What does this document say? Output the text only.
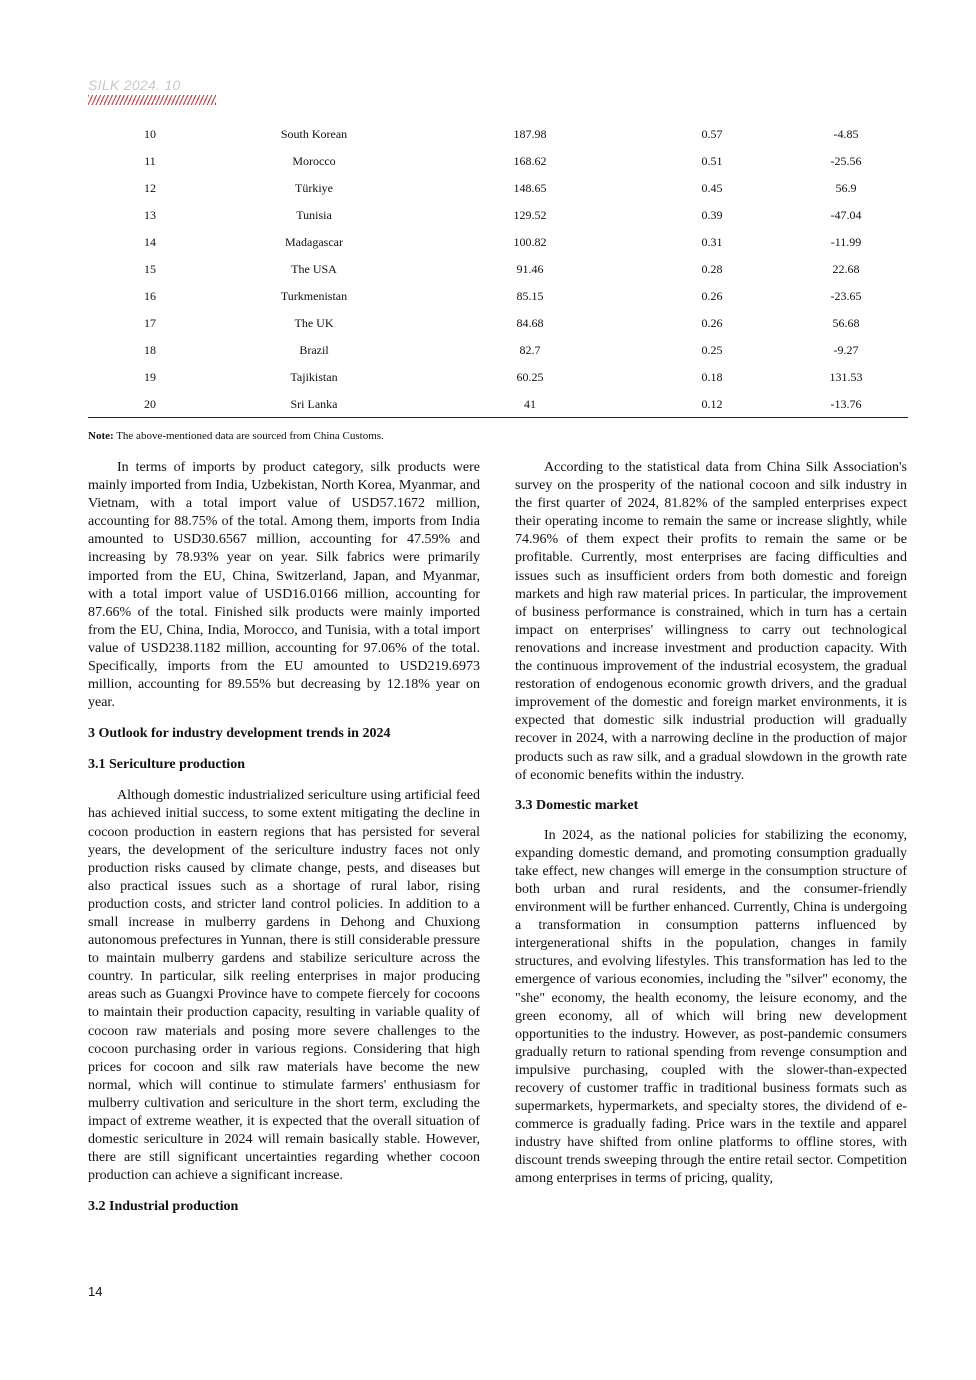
SILK 2024. 10
10	South Korean	187.98	0.57	-4.85
11	Morocco	168.62	0.51	-25.56
12	Türkiye	148.65	0.45	56.9
13	Tunisia	129.52	0.39	-47.04
14	Madagascar	100.82	0.31	-11.99
15	The USA	91.46	0.28	22.68
16	Turkmenistan	85.15	0.26	-23.65
17	The UK	84.68	0.26	56.68
18	Brazil	82.7	0.25	-9.27
19	Tajikistan	60.25	0.18	131.53
20	Sri Lanka	41	0.12	-13.76
Note: The above-mentioned data are sourced from China Customs.

In terms of imports by product category, silk products were mainly imported from India, Uzbekistan, North Korea, Myanmar, and Vietnam, with a total import value of USD57.1672 million, accounting for 88.75% of the total. Among them, imports from India amounted to USD30.6567 million, accounting for 47.59% and increasing by 78.93% year on year. Silk fabrics were primarily imported from the EU, China, Switzerland, Japan, and Myanmar, with a total import value of USD16.0166 million, accounting for 87.66% of the total. Finished silk products were mainly imported from the EU, China, India, Morocco, and Tunisia, with a total import value of USD238.1182 million, accounting for 97.06% of the total. Specifically, imports from the EU amounted to USD219.6973 million, accounting for 89.55% but decreasing by 12.18% year on year.

3 Outlook for industry development trends in 2024
3.1 Sericulture production

Although domestic industrialized sericulture using artificial feed has achieved initial success, to some extent mitigating the decline in cocoon production in eastern regions that has persisted for several years, the development of the sericulture industry faces not only production risks caused by climate change, pests, and diseases but also practical issues such as a shortage of rural labor, rising production costs, and stricter land control policies. In addition to a small increase in mulberry gardens in Dehong and Chuxiong autonomous prefectures in Yunnan, there is still considerable pressure to maintain mulberry gardens and stabilize sericulture across the country. In particular, silk reeling enterprises in major producing areas such as Guangxi Province have to compete fiercely for cocoons to maintain their production capacity, resulting in variable quality of cocoon raw materials and posing more severe challenges to the cocoon purchasing order in various regions. Considering that high prices for cocoon and silk raw materials have become the new normal, which will continue to stimulate farmers' enthusiasm for mulberry cultivation and sericulture in the short term, excluding the impact of extreme weather, it is expected that the overall situation of domestic sericulture in 2024 will remain basically stable. However, there are still significant uncertainties regarding whether cocoon production can achieve a significant increase.

3.2 Industrial production

According to the statistical data from China Silk Association's survey on the prosperity of the national cocoon and silk industry in the first quarter of 2024, 81.82% of the sampled enterprises expect their operating income to remain the same or increase slightly, while 74.96% of them expect their profits to remain the same or be profitable. Currently, most enterprises are facing difficulties and issues such as insufficient orders from both domestic and foreign markets and high raw material prices. In particular, the improvement of business performance is constrained, which in turn has a certain impact on enterprises' willingness to carry out technological renovations and increase investment and production capacity. With the continuous improvement of the industrial ecosystem, the gradual restoration of endogenous economic growth drivers, and the gradual improvement of the domestic and foreign market environments, it is expected that domestic silk industrial production will gradually recover in 2024, with a narrowing decline in the production of major products such as raw silk, and a gradual slowdown in the growth rate of economic benefits within the industry.

3.3 Domestic market

In 2024, as the national policies for stabilizing the economy, expanding domestic demand, and promoting consumption gradually take effect, new changes will emerge in the consumption structure of both urban and rural residents, and the consumer-friendly environment will be further enhanced. Currently, China is undergoing a transformation in consumption patterns influenced by intergenerational shifts in the population, changes in family structures, and evolving lifestyles. This transformation has led to the emergence of various economies, including the "silver" economy, the "she" economy, the health economy, the leisure economy, and the green economy, all of which will bring new development opportunities to the industry. However, as post-pandemic consumers gradually return to rational spending from revenge consumption and impulsive purchasing, coupled with the slower-than-expected recovery of customer traffic in traditional business formats such as supermarkets, hypermarkets, and specialty stores, the dividend of e-commerce is gradually fading. Price wars in the textile and apparel industry have shifted from online platforms to offline stores, with discount trends sweeping through the entire retail sector. Competition among enterprises in terms of pricing, quality,

14
